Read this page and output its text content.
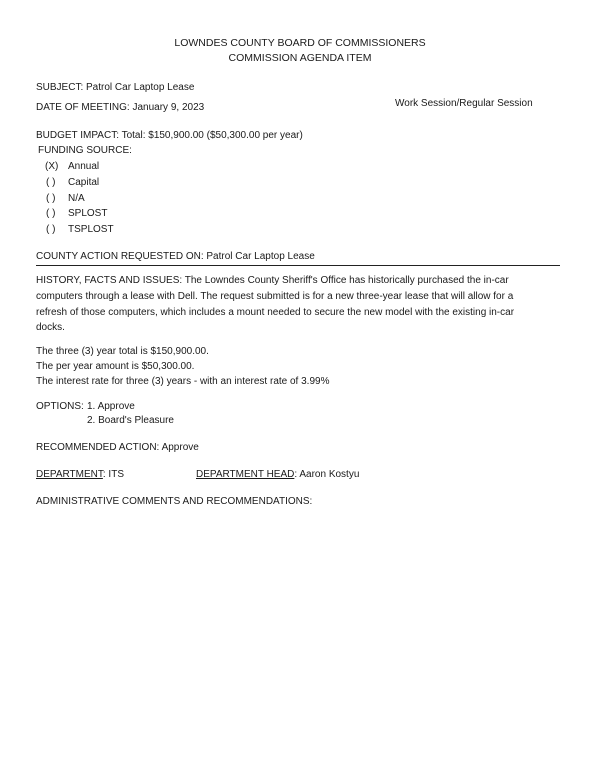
LOWNDES COUNTY BOARD OF COMMISSIONERS
COMMISSION AGENDA ITEM
SUBJECT: Patrol Car Laptop Lease
DATE OF MEETING: January 9, 2023	Work Session/Regular Session
BUDGET IMPACT: Total: $150,900.00 ($50,300.00 per year)
FUNDING SOURCE:
(X) Annual
( ) Capital
( ) N/A
( ) SPLOST
( ) TSPLOST
COUNTY ACTION REQUESTED ON: Patrol Car Laptop Lease
HISTORY, FACTS AND ISSUES: The Lowndes County Sheriff's Office has historically purchased the in-car
computers through a lease with Dell. The request submitted is for a new three-year lease that will allow for a
refresh of those computers, which includes a mount needed to secure the new model with the existing in-car
docks.
The three (3) year total is $150,900.00.
The per year amount is $50,300.00.
The interest rate for three (3) years - with an interest rate of 3.99%
OPTIONS: 1. Approve
2. Board's Pleasure
RECOMMENDED ACTION: Approve
DEPARTMENT: ITS	DEPARTMENT HEAD: Aaron Kostyu
ADMINISTRATIVE COMMENTS AND RECOMMENDATIONS:
